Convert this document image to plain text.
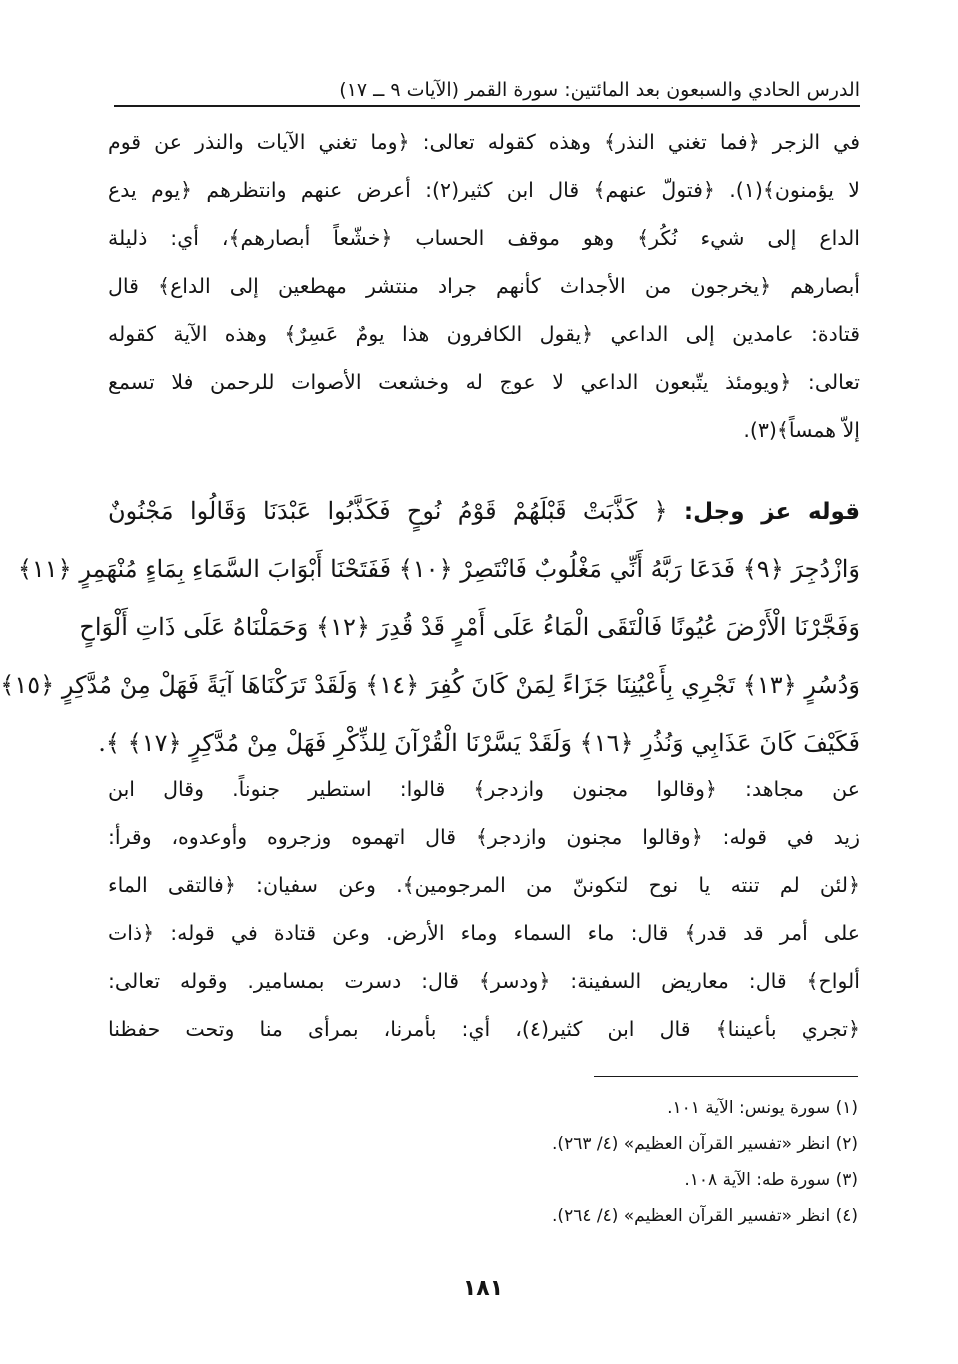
الدرس الحادي والسبعون بعد المائتين: سورة القمر (الآيات ٩ ــ ١٧)
في الزجر ﴿فما تغني النذر﴾ وهذه كقوله تعالى: ﴿وما تغني الآيات والنذر عن قوم
لا يؤمنون﴾(١). ﴿فتولّ عنهم﴾ قال ابن كثير(٢): أعرض عنهم وانتظرهم ﴿يوم يدع
الداع إلى شيء نُكُر﴾ وهو موقف الحساب ﴿خشّعاً أبصارهم﴾، أي: ذليلة
أبصارهم ﴿يخرجون من الأجداث كأنهم جراد منتشر مهطعين إلى الداع﴾ قال
قتادة: عامدين إلى الداعي ﴿يقول الكافرون هذا يومٌ عَسِرٌ﴾ وهذه الآية كقوله
تعالى: ﴿ويومئذ يتّبعون الداعي لا عوج له وخشعت الأصوات للرحمن فلا تسمع
إلاّ همساً﴾(٣).
قوله عز وجل: ﴿ كَذَّبَتْ قَبْلَهُمْ قَوْمُ نُوحٍ فَكَذَّبُوا عَبْدَنَا وَقَالُوا مَجْنُونٌ
وَازْدُجِرَ ﴿٩﴾ فَدَعَا رَبَّهُ أَنِّي مَغْلُوبٌ فَانْتَصِرْ ﴿١٠﴾ فَفَتَحْنَا أَبْوَابَ السَّمَاءِ بِمَاءٍ مُنْهَمِرٍ ﴿١١﴾
وَفَجَّرْنَا الْأَرْضَ عُيُونًا فَالْتَقَى الْمَاءُ عَلَى أَمْرٍ قَدْ قُدِرَ ﴿١٢﴾ وَحَمَلْنَاهُ عَلَى ذَاتِ أَلْوَاحٍ
وَدُسُرٍ ﴿١٣﴾ تَجْرِي بِأَعْيُنِنَا جَزَاءً لِمَنْ كَانَ كُفِرَ ﴿١٤﴾ وَلَقَدْ تَرَكْنَاهَا آيَةً فَهَلْ مِنْ مُدَّكِرٍ ﴿١٥﴾
فَكَيْفَ كَانَ عَذَابِي وَنُذُرِ ﴿١٦﴾ وَلَقَدْ يَسَّرْنَا الْقُرْآنَ لِلذِّكْرِ فَهَلْ مِنْ مُدَّكِرٍ ﴿١٧﴾ ﴾.
عن مجاهد: ﴿وقالوا مجنون وازدجر﴾ قالوا: استطير جنوناً. وقال ابن
زيد في قوله: ﴿وقالوا مجنون وازدجر﴾ قال اتهموه وزجروه وأوعدوه، وقرأ:
﴿لئن لم تنته يا نوح لتكوننّ من المرجومين﴾. وعن سفيان: ﴿فالتقى الماء
على أمر قد قدر﴾ قال: ماء السماء وماء الأرض. وعن قتادة في قوله: ﴿ذات
ألواح﴾ قال: معاريض السفينة: ﴿ودسر﴾ قال: دسرت بمسامير. وقوله تعالى:
﴿تجري بأعيننا﴾ قال ابن كثير(٤)، أي: بأمرنا، بمرأى منا وتحت حفظنا
(١) سورة يونس: الآية ١٠١.
(٢) انظر «تفسير القرآن العظيم» (٤/ ٢٦٣).
(٣) سورة طه: الآية ١٠٨.
(٤) انظر «تفسير القرآن العظيم» (٤/ ٢٦٤).
١٨١
